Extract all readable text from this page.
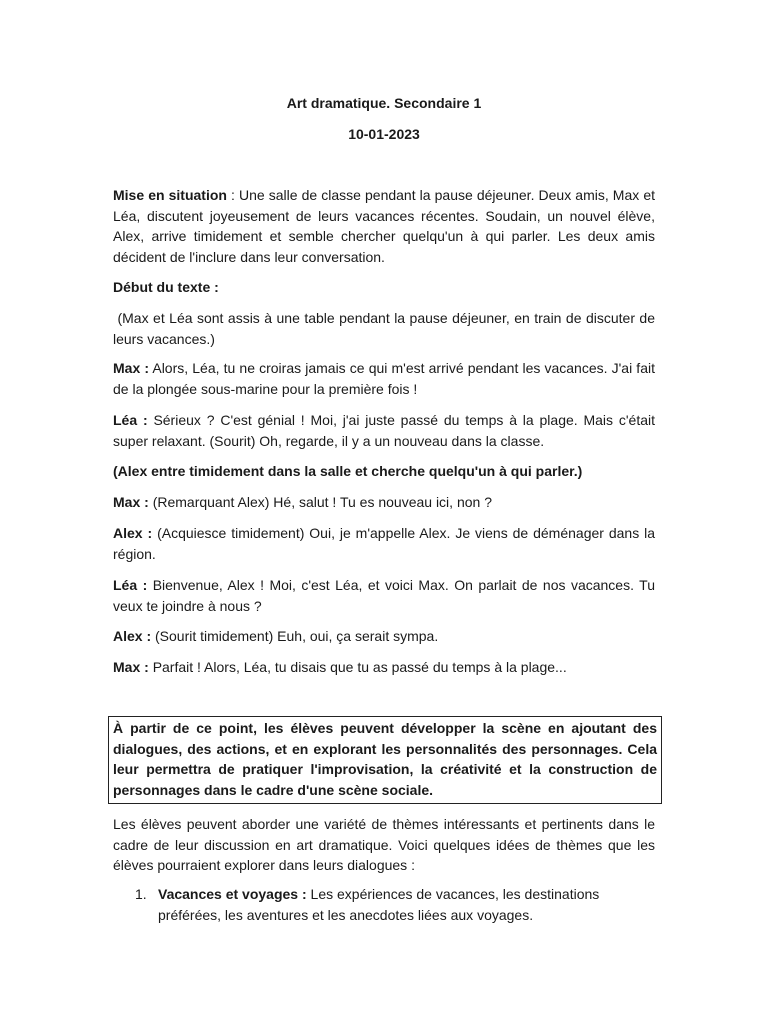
Art dramatique. Secondaire 1
10-01-2023

Mise en situation : Une salle de classe pendant la pause déjeuner. Deux amis, Max et Léa, discutent joyeusement de leurs vacances récentes. Soudain, un nouvel élève, Alex, arrive timidement et semble chercher quelqu'un à qui parler. Les deux amis décident de l'inclure dans leur conversation.

Début du texte :

(Max et Léa sont assis à une table pendant la pause déjeuner, en train de discuter de leurs vacances.)

Max : Alors, Léa, tu ne croiras jamais ce qui m'est arrivé pendant les vacances. J'ai fait de la plongée sous-marine pour la première fois !

Léa : Sérieux ? C'est génial ! Moi, j'ai juste passé du temps à la plage. Mais c'était super relaxant. (Sourit) Oh, regarde, il y a un nouveau dans la classe.

(Alex entre timidement dans la salle et cherche quelqu'un à qui parler.)

Max : (Remarquant Alex) Hé, salut ! Tu es nouveau ici, non ?

Alex : (Acquiesce timidement) Oui, je m'appelle Alex. Je viens de déménager dans la région.

Léa : Bienvenue, Alex ! Moi, c'est Léa, et voici Max. On parlait de nos vacances. Tu veux te joindre à nous ?

Alex : (Sourit timidement) Euh, oui, ça serait sympa.

Max : Parfait ! Alors, Léa, tu disais que tu as passé du temps à la plage...

À partir de ce point, les élèves peuvent développer la scène en ajoutant des dialogues, des actions, et en explorant les personnalités des personnages. Cela leur permettra de pratiquer l'improvisation, la créativité et la construction de personnages dans le cadre d'une scène sociale.

Les élèves peuvent aborder une variété de thèmes intéressants et pertinents dans le cadre de leur discussion en art dramatique. Voici quelques idées de thèmes que les élèves pourraient explorer dans leurs dialogues :

1. Vacances et voyages : Les expériences de vacances, les destinations préférées, les aventures et les anecdotes liées aux voyages.
